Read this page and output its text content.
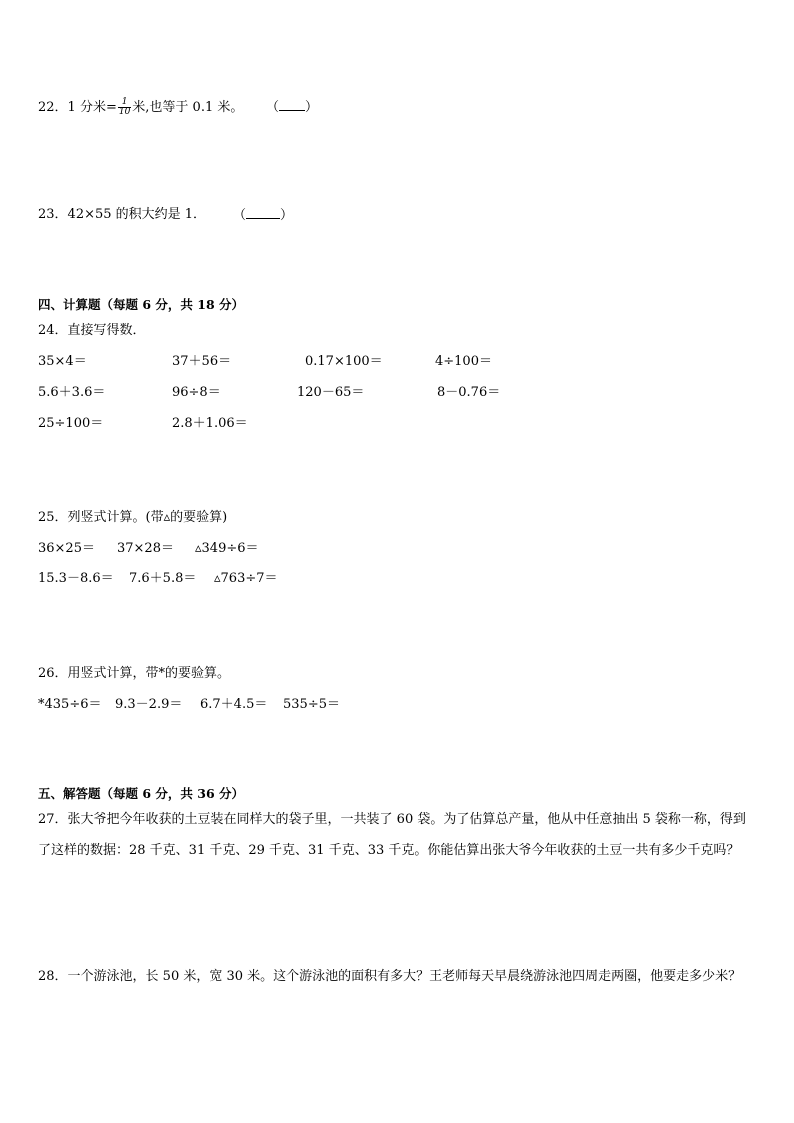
22．1 分米= $\frac{1}{10}$ 米,也等于 0.1 米。 （ ）
23．42×55 的积大约是 1． （	）
四、计算题（每题 6 分，共 18 分）
24．直接写得数．
35×4＝	37＋56＝	0.17×100＝	4÷100＝
5.6＋3.6＝	96÷8＝	120－65＝	8－0.76＝
25÷100＝	2.8＋1.06＝
25．列竖式计算。(带▵的要验算)
36×25＝ 37×28＝ ▵349÷6＝
15.3－8.6＝ 7.6＋5.8＝ ▵763÷7＝
26．用竖式计算，带*的要验算。
*435÷6＝ 9.3－2.9＝ 6.7＋4.5＝ 535÷5＝
五、解答题（每题 6 分，共 36 分）
27．张大爷把今年收获的土豆装在同样大的袋子里，一共装了 60 袋。为了估算总产量，他从中任意抽出 5 袋称一称，得到了这样的数据：28 千克、31 千克、29 千克、31 千克、33 千克。你能估算出张大爷今年收获的土豆一共有多少千克吗？
28．一个游泳池，长 50 米，宽 30 米。这个游泳池的面积有多大？王老师每天早晨绕游泳池四周走两圈，他要走多少米？
